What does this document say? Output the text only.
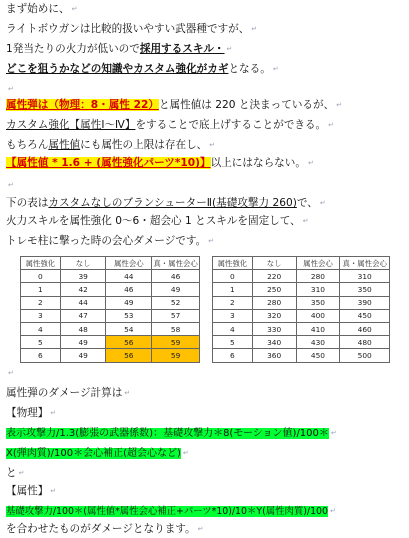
まず始めに、 ↵
ライトボウガンは比較的扱いやすい武器種ですが、 ↵
1発当たりの火力が低いので採用するスキル・ ↵
どこを狙うかなどの知識やカスタム強化がカギとなる。 ↵
↵
属性弾は（物理：8・属性 22）と属性値は 220 と決まっているが、 ↵
カスタム強化【属性Ⅰ～Ⅳ】をすることで底上げすることができる。 ↵
もちろん属性値にも属性の上限は存在し、 ↵
【属性値 * 1.6 + (属性強化パーツ*10)】以上にはならない。 ↵
↵
下の表はカスタムなしのブランシューターⅡ(基礎攻撃力 260)で、 ↵
火力スキルを属性強化 0～6・超会心 1 とスキルを固定して、 ↵
トレモ柱に撃った時の会心ダメージです。 ↵
属性強化	なし	属性会心	真・属性会心
0	39	44	46
1	42	46	49
2	44	49	52
3	47	53	57
4	48	54	58
5	49	56	59
6	49	56	59
属性強化	なし	属性会心	真・属性会心
0	220	280	310
1	250	310	350
2	280	350	390
3	320	400	450
4	330	410	460
5	340	430	480
6	360	450	500
↵
属性弾のダメージ計算は ↵
【物理】 ↵
表示攻撃力/1.3(膨張の武器係数)：基礎攻撃力＊8(モーション値)/100＊ ↵
X(弾肉質)/100＊会心補正(超会心など) ↵
と ↵
【属性】 ↵
基礎攻撃力/100＊(属性値*属性会心補正+パーツ*10)/10＊Y(属性肉質)/100 ↵
を合わせたものがダメージとなります。 ↵
